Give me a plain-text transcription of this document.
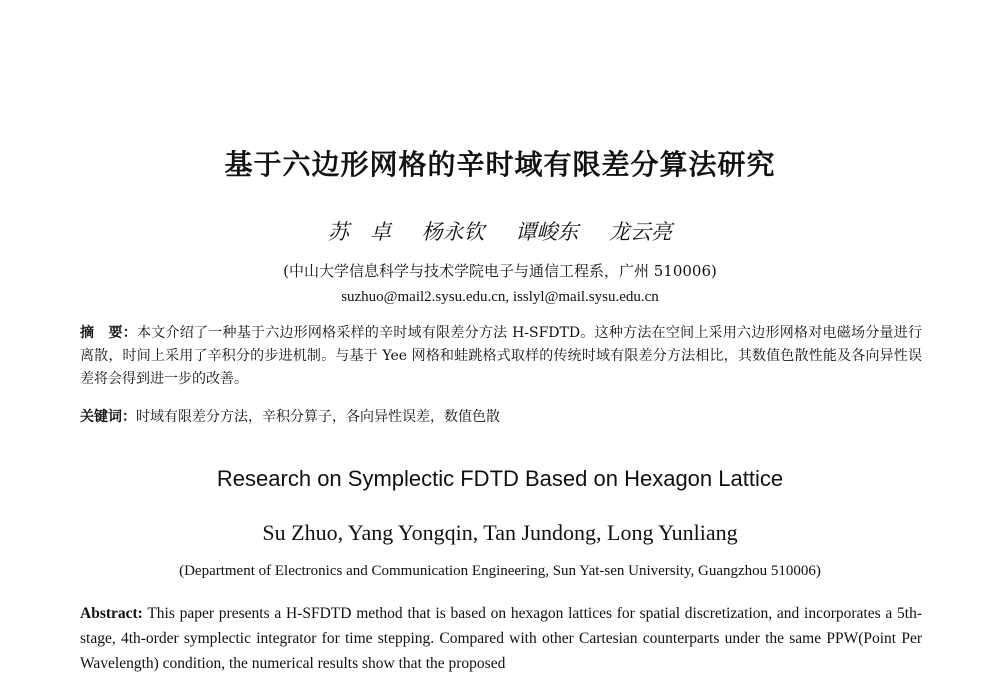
基于六边形网格的辛时域有限差分算法研究
苏　卓 杨永钦 谭峻东 龙云亮
(中山大学信息科学与技术学院电子与通信工程系，广州 510006)
suzhuo@mail2.sysu.edu.cn, isslyl@mail.sysu.edu.cn
摘　要：本文介绍了一种基于六边形网格采样的辛时域有限差分方法 H-SFDTD。这种方法在空间上采用六边形网格对电磁场分量进行离散，时间上采用了辛积分的步进机制。与基于 Yee 网格和蛙跳格式取样的传统时域有限差分方法相比，其数值色散性能及各向异性误差将会得到进一步的改善。
关键词：时域有限差分方法，辛积分算子，各向异性误差，数值色散
Research on Symplectic FDTD Based on Hexagon Lattice
Su Zhuo, Yang Yongqin, Tan Jundong, Long Yunliang
(Department of Electronics and Communication Engineering, Sun Yat-sen University, Guangzhou 510006)
Abstract: This paper presents a H-SFDTD method that is based on hexagon lattices for spatial discretization, and incorporates a 5th-stage, 4th-order symplectic integrator for time stepping. Compared with other Cartesian counterparts under the same PPW(Point Per Wavelength) condition, the numerical results show that the proposed
